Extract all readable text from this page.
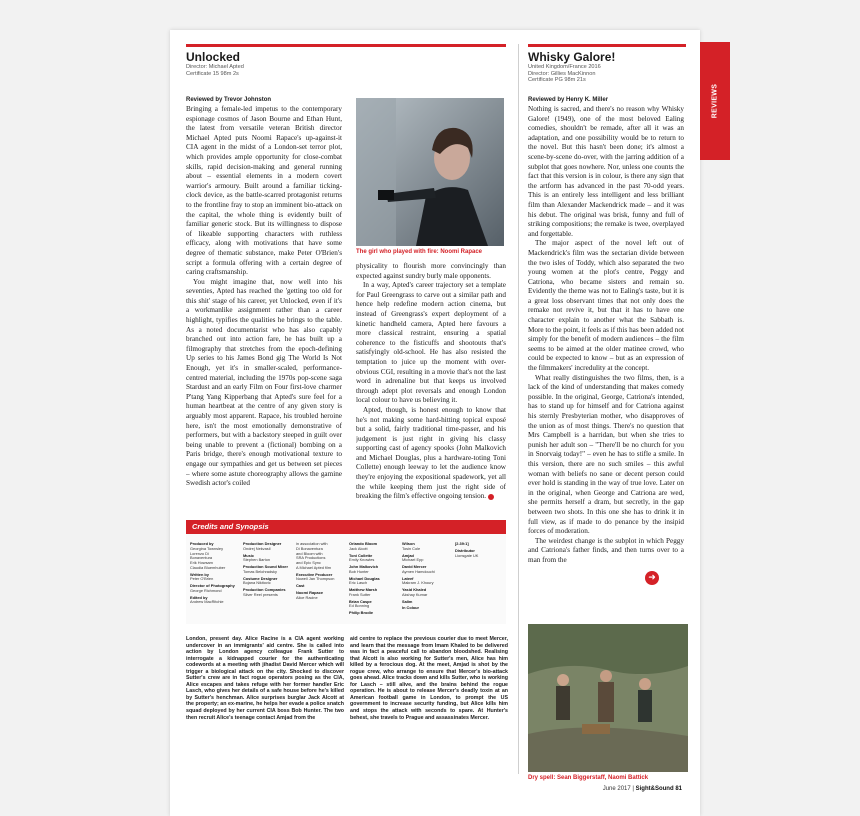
Unlocked
Director: Michael Apted
Certificate 15 98m 2s
Reviewed by Trevor Johnston

Bringing a female-led impetus to the contemporary espionage cosmos of Jason Bourne and Ethan Hunt, the latest from versatile veteran British director Michael Apted puts Noomi Rapace's up-against-it CIA agent in the midst of a London-set terror plot, which provides ample opportunity for close-combat skills, rapid decision-making and general running about – essential elements in a modern covert warrior's armoury. Built around a familiar ticking-clock device, as the battle-scarred protagonist returns to the frontline fray to stop an imminent bio-attack on the capital, the whole thing is evidently built of familiar generic stock. But its willingness to dispose of likeable supporting characters with ruthless efficacy, along with motivations that have some degree of thematic substance, make Peter O'Brien's script a formula offering with a certain degree of caring craftsmanship.

You might imagine that, now well into his seventies, Apted has reached the 'getting too old for this shit' stage of his career, yet Unlocked, even if it's a workmanlike assignment rather than a career highlight, typifies the qualities he brings to the table. As a noted documentarist who has also capably branched out into action fare, he has built up a filmography that stretches from the epoch-defining Up series to his James Bond gig The World Is Not Enough, yet it's in smaller-scaled, performance-centred material, including the 1970s pop-scene saga Stardust and an early Film on Four first-love charmer P'tang Yang Kipperbang that Apted's sure feel for a human heartbeat at the centre of any given story is arguably most apparent. Rapace, his troubled heroine here, isn't the most emotionally demonstrative of performers, but with a backstory steeped in guilt over being unable to prevent a (fictional) bombing on a Paris bridge, there's enough motivational texture to engage our sympathies and get us between set pieces – where some astute choreography allows the gamine Swedish actor's coiled

The girl who played with fire: Noomi Rapace

physicality to flourish more convincingly than expected against sundry burly male opponents.

In a way, Apted's career trajectory set a template for Paul Greengrass to carve out a similar path and hence help redefine modern action cinema, but instead of Greengrass's expert deployment of a kinetic handheld camera, Apted here favours a more classical restraint, ensuring a spatial coherence to the fisticuffs and shootouts that's satisfyingly old-school. He has also resisted the temptation to juice up the moment with over-obvious CGI, resulting in a movie that's not the last word in adrenaline but that keeps us involved through adept plot reversals and enough London local colour to have us believing it.

Apted, though, is honest enough to know that he's not making some hard-hitting topical exposé but a solid, fairly traditional time-passer, and his judgement is just right in giving his classy supporting cast of agency spooks (John Malkovich and Michael Douglas, plus a hardware-toting Toni Collette) enough leeway to let the audience know they're enjoying the expositional spadework, yet all the while keeping them just the right side of breaking the film's effective ongoing tension.

Credits and Synopsis
Produced by
Georgina Townsley
Lorenzo Di
Bonaventura
Erik Howsam
Claudia Bluemhuber
Written by
Peter O'Brien
Director of Photography
George Richmond
Edited by
Andrew MacRitchie
Production Designer
Ondrej Nekvasil
Music
Stephen Barton
Production Sound Mixer
Tomas Belohradsky
Costume Designer
Bojana Nikitovic
Production Companies
Silver Reel presents
in association with
Di Bonaventura
and Bloom with
SRA Productions
and Epic Sync
A Michael Apted film
Executive Producer
Nowell Jan Thompson
Cast
Noomi Rapace
Alice Racine
Orlando Bloom
Jack Alcott
Toni Collette
Emily Knowles
John Malkovich
Bob Hunter
Michael Douglas
Eric Lasch
Matthew Marsh
Frank Sutter
Brian Caspe
Ed Bonning
Philip Brodie
Wilson
Tosin Cole
Amjad
Michael Epp
David Mercer
Aymen Hamdouchi
Lateef
Makram J. Khoury
Yasid Khaled
Akshay Kumar
Salim
In Colour
[2.39:1]
Distributor
Lionsgate UK

London, present day. Alice Racine is a CIA agent working undercover in an immigrants' aid centre. She is called into action by London agency colleague Frank Sutter to interrogate a kidnapped courier for the authenticating codewords at a meeting with jihadist David Mercer which will trigger a biological attack on the city. Shocked to discover Sutter's crew are in fact rogue operators posing as the CIA, Alice escapes and takes refuge with her former handler Eric Lasch, who gives her details of a safe house before he's killed by Sutter's henchman. Alice surprises burglar Jack Alcott at the property; an ex-marine, he helps her evade a police snatch squad deployed by her current CIA boss Bob Hunter. The two then recruit Alice's teenage contact Amjad from the

aid centre to replace the previous courier due to meet Mercer, and learn that the message from Imam Khaled to be delivered was in fact a peaceful call to abandon bloodshed. Realising that Alcott is also working for Sutter's men, Alice has him killed by a ferocious dog. At the meet, Amjad is shot by the rogue crew, who arrange to ensure that Mercer's bio-attack goes ahead. Alice tracks down and kills Sutter, who is working for Lasch – still alive, and the brains behind the rogue operation. He is about to release Mercer's deadly toxin at an American football game in London, to prompt the US government to increase security funding, but Alice kills him and stops the attack with seconds to spare. At Hunter's behest, she travels to Prague and assassinates Mercer.

Whisky Galore!
United Kingdom/France 2016
Director: Gillies MacKinnon
Certificate PG 98m 21s
Reviewed by Henry K. Miller

Nothing is sacred, and there's no reason why Whisky Galore! (1949), one of the most beloved Ealing comedies, shouldn't be remade, after all it was an adaptation, and one possibility would be to return to the novel. But this hasn't been done; it's almost a scene-by-scene do-over, with the jarring addition of a subplot that goes nowhere. Nor, unless one counts the fact that this version is in colour, is there any sign that the artform has advanced in the past 70-odd years. This is an entirely less intelligent and less brilliant film than Alexander Mackendrick made – and it was his debut. The original was brisk, funny and full of striking compositions; the remake is twee, overplayed and forgettable.

The major aspect of the novel left out of Mackendrick's film was the sectarian divide between the two isles of Toddy, which also separated the two young women at the plot's centre, Peggy and Catriona, who became sisters and remain so. Evidently the theme was not to Ealing's taste, but it is a great loss observant times that not only does the remake not revive it, but that it has to have one character explain to another what the Sabbath is. More to the point, it feels as if this has been added not simply for the benefit of modern audiences – the film seems to be aimed at the older matinee crowd, who could be expected to know – but as an expression of the filmmakers' incredulity at the concept.

What really distinguishes the two films, then, is a lack of the kind of understanding that makes comedy possible. In the original, George, Catriona's intended, has to stand up for himself and for Catriona against his sternly Presbyterian mother, who disapproves of the union as of most things. There's no question that Mrs Campbell is a harridan, but when she tries to punish her adult son – "There'll be no church for you in Snorvaig today!" – even he has to stifle a smile. In this version, there are no such smiles – this awful woman with beliefs no sane or decent person could ever hold is standing in the way of true love. Later on in the original, when George and Catriona are wed, she permits herself a dram, but secretly, in the gap between two shots. In this one she has to drink it in full view, as if made to do penance by the insipid forces of moderation.

The weirdest change is the subplot in which Peggy and Catriona's father finds, and then turns over to a man from the

➜
Dry spell: Sean Biggerstaff, Naomi Battick
REVIEWS
June 2017 | Sight&Sound 81
